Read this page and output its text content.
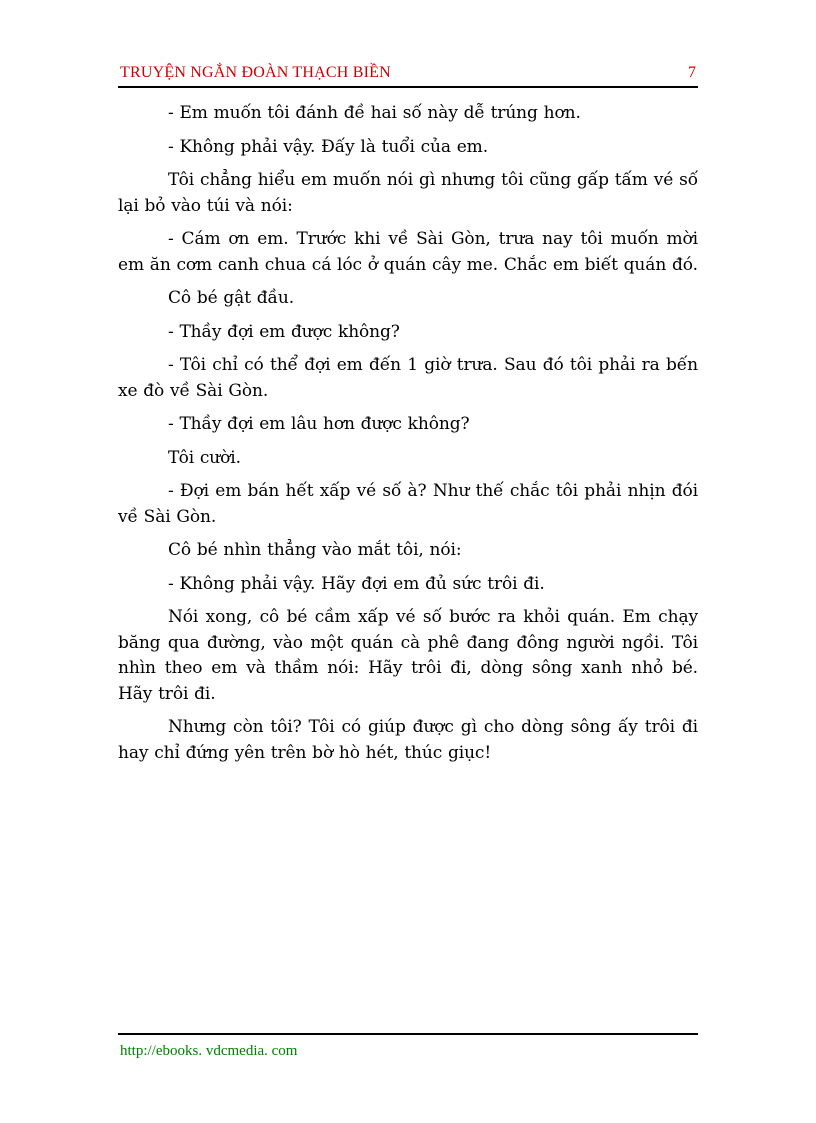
TRUYỆN NGẮN ĐOÀN THẠCH BIỀN	7

- Em muốn tôi đánh đề hai số này dễ trúng hơn.

- Không phải vậy. Đấy là tuổi của em.

Tôi chẳng hiểu em muốn nói gì nhưng tôi cũng gấp tấm vé số lại bỏ vào túi và nói:

- Cám ơn em. Trước khi về Sài Gòn, trưa nay tôi muốn mời em ăn cơm canh chua cá lóc ở quán cây me. Chắc em biết quán đó.

Cô bé gật đầu.

- Thầy đợi em được không?

- Tôi chỉ có thể đợi em đến 1 giờ trưa. Sau đó tôi phải ra bến xe đò về Sài Gòn.

- Thầy đợi em lâu hơn được không?

Tôi cười.

- Đợi em bán hết xấp vé số à? Như thế chắc tôi phải nhịn đói về Sài Gòn.

Cô bé nhìn thẳng vào mắt tôi, nói:

- Không phải vậy. Hãy đợi em đủ sức trôi đi.

Nói xong, cô bé cầm xấp vé số bước ra khỏi quán. Em chạy băng qua đường, vào một quán cà phê đang đông người ngồi. Tôi nhìn theo em và thầm nói: Hãy trôi đi, dòng sông xanh nhỏ bé. Hãy trôi đi.

Nhưng còn tôi? Tôi có giúp được gì cho dòng sông ấy trôi đi hay chỉ đứng yên trên bờ hò hét, thúc giục!

http://ebooks. vdcmedia. com
